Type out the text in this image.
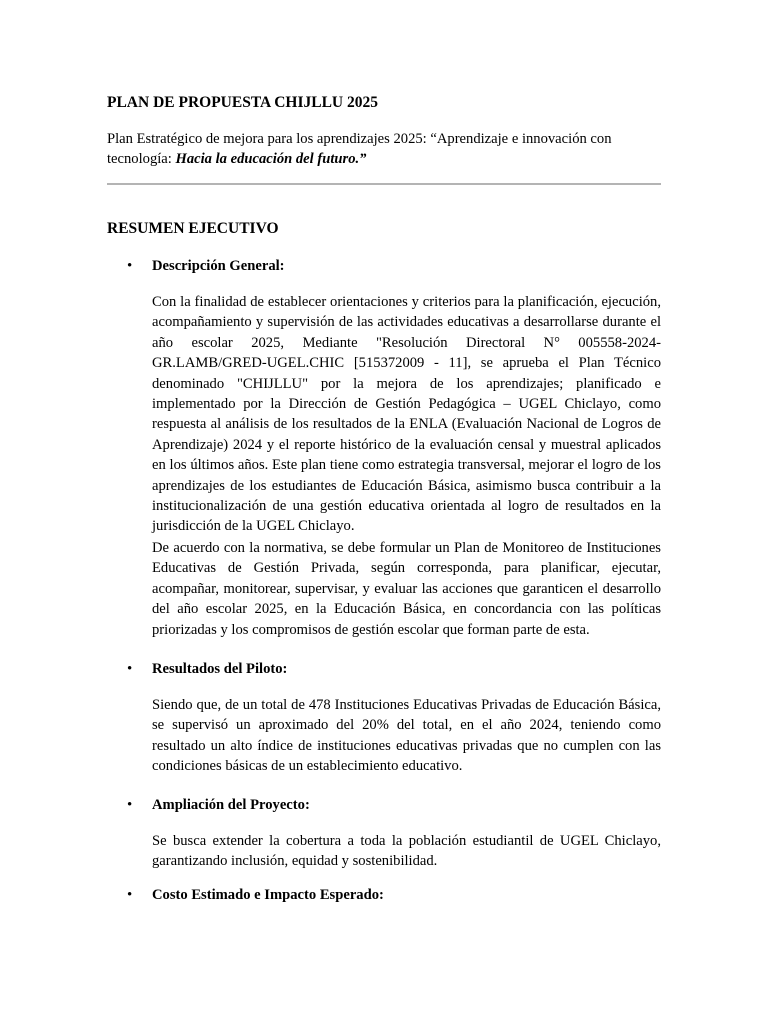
PLAN DE PROPUESTA CHIJLLU 2025

Plan Estratégico de mejora para los aprendizajes 2025: “Aprendizaje e innovación con tecnología: Hacia la educación del futuro.”

RESUMEN EJECUTIVO
• Descripción General:

Con la finalidad de establecer orientaciones y criterios para la planificación, ejecución, acompañamiento y supervisión de las actividades educativas a desarrollarse durante el año escolar 2025, Mediante "Resolución Directoral N° 005558-2024- GR.LAMB/GRED-UGEL.CHIC [515372009 - 11], se aprueba el Plan Técnico denominado "CHIJLLU" por la mejora de los aprendizajes; planificado e implementado por la Dirección de Gestión Pedagógica – UGEL Chiclayo, como respuesta al análisis de los resultados de la ENLA (Evaluación Nacional de Logros de Aprendizaje) 2024 y el reporte histórico de la evaluación censal y muestral aplicados en los últimos años. Este plan tiene como estrategia transversal, mejorar el logro de los aprendizajes de los estudiantes de Educación Básica, asimismo busca contribuir a la institucionalización de una gestión educativa orientada al logro de resultados en la jurisdicción de la UGEL Chiclayo.

De acuerdo con la normativa, se debe formular un Plan de Monitoreo de Instituciones Educativas de Gestión Privada, según corresponda, para planificar, ejecutar, acompañar, monitorear, supervisar, y evaluar las acciones que garanticen el desarrollo del año escolar 2025, en la Educación Básica, en concordancia con las políticas priorizadas y los compromisos de gestión escolar que forman parte de esta.

• Resultados del Piloto:

Siendo que, de un total de 478 Instituciones Educativas Privadas de Educación Básica, se supervisó un aproximado del 20% del total, en el año 2024, teniendo como resultado un alto índice de instituciones educativas privadas que no cumplen con las condiciones básicas de un establecimiento educativo.

• Ampliación del Proyecto:

Se busca extender la cobertura a toda la población estudiantil de UGEL Chiclayo, garantizando inclusión, equidad y sostenibilidad.

• Costo Estimado e Impacto Esperado:
